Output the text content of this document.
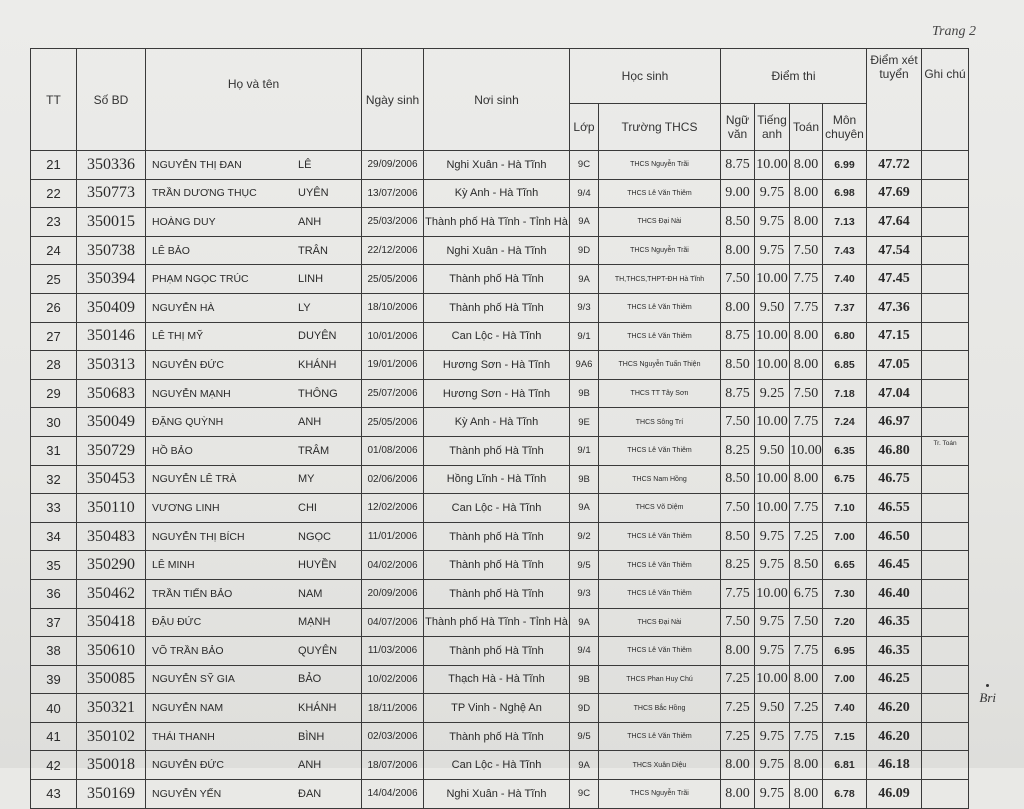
Trang 2
TT	Số BD	Họ và tên	Ngày sinh	Nơi sinh	Học sinh		Điểm thi				Điểm xét tuyển	Ghi chú
					Lớp	Trường THCS	Ngữ văn	Tiếng anh	Toán	Môn chuyên		
21	350336	NGUYỄN THỊ ĐAN LÊ	29/09/2006	Nghi Xuân - Hà Tĩnh	9C	THCS Nguyễn Trãi	8.75	10.00	8.00	6.99	47.72	
22	350773	TRẦN DƯƠNG THỤC UYÊN	13/07/2006	Kỳ Anh - Hà Tĩnh	9/4	THCS Lê Văn Thiêm	9.00	9.75	8.00	6.98	47.69	
23	350015	HOÀNG DUY ANH	25/03/2006	Thành phố Hà Tĩnh - Tỉnh Hà	9A	THCS Đại Nài	8.50	9.75	8.00	7.13	47.64	
24	350738	LÊ BẢO TRÂN	22/12/2006	Nghi Xuân - Hà Tĩnh	9D	THCS Nguyễn Trãi	8.00	9.75	7.50	7.43	47.54	
25	350394	PHẠM NGỌC TRÚC LINH	25/05/2006	Thành phố Hà Tĩnh	9A	TH,THCS,THPT-ĐH Hà Tĩnh	7.50	10.00	7.75	7.40	47.45	
26	350409	NGUYỄN HÀ LY	18/10/2006	Thành phố Hà Tĩnh	9/3	THCS Lê Văn Thiêm	8.00	9.50	7.75	7.37	47.36	
27	350146	LÊ THỊ MỸ DUYÊN	10/01/2006	Can Lộc - Hà Tĩnh	9/1	THCS Lê Văn Thiêm	8.75	10.00	8.00	6.80	47.15	
28	350313	NGUYỄN ĐỨC KHÁNH	19/01/2006	Hương Sơn - Hà Tĩnh	9A6	THCS Nguyễn Tuấn Thiện	8.50	10.00	8.00	6.85	47.05	
29	350683	NGUYỄN MẠNH THÔNG	25/07/2006	Hương Sơn - Hà Tĩnh	9B	THCS TT Tây Sơn	8.75	9.25	7.50	7.18	47.04	
30	350049	ĐẶNG QUỲNH ANH	25/05/2006	Kỳ Anh - Hà Tĩnh	9E	THCS Sông Trí	7.50	10.00	7.75	7.24	46.97	
31	350729	HỒ BẢO TRÂM	01/08/2006	Thành phố Hà Tĩnh	9/1	THCS Lê Văn Thiêm	8.25	9.50	10.00	6.35	46.80	Tr. Toán
32	350453	NGUYỄN LÊ TRÀ MY	02/06/2006	Hồng Lĩnh - Hà Tĩnh	9B	THCS Nam Hồng	8.50	10.00	8.00	6.75	46.75	
33	350110	VƯƠNG LINH CHI	12/02/2006	Can Lộc - Hà Tĩnh	9A	THCS Võ Diệm	7.50	10.00	7.75	7.10	46.55	
34	350483	NGUYỄN THỊ BÍCH NGỌC	11/01/2006	Thành phố Hà Tĩnh	9/2	THCS Lê Văn Thiêm	8.50	9.75	7.25	7.00	46.50	
35	350290	LÊ MINH HUYỀN	04/02/2006	Thành phố Hà Tĩnh	9/5	THCS Lê Văn Thiêm	8.25	9.75	8.50	6.65	46.45	
36	350462	TRẦN TIẾN BẢO NAM	20/09/2006	Thành phố Hà Tĩnh	9/3	THCS Lê Văn Thiêm	7.75	10.00	6.75	7.30	46.40	
37	350418	ĐẬU ĐỨC MẠNH	04/07/2006	Thành phố Hà Tĩnh - Tỉnh Hà	9A	THCS Đại Nài	7.50	9.75	7.50	7.20	46.35	
38	350610	VÕ TRẦN BẢO QUYÊN	11/03/2006	Thành phố Hà Tĩnh	9/4	THCS Lê Văn Thiêm	8.00	9.75	7.75	6.95	46.35	
39	350085	NGUYỄN SỸ GIA BẢO	10/02/2006	Thạch Hà - Hà Tĩnh	9B	THCS Phan Huy Chú	7.25	10.00	8.00	7.00	46.25	
40	350321	NGUYỄN NAM KHÁNH	18/11/2006	TP Vinh - Nghệ An	9D	THCS Bắc Hồng	7.25	9.50	7.25	7.40	46.20	
41	350102	THÁI THANH BÌNH	02/03/2006	Thành phố Hà Tĩnh	9/5	THCS Lê Văn Thiêm	7.25	9.75	7.75	7.15	46.20	
42	350018	NGUYỄN ĐỨC ANH	18/07/2006	Can Lộc - Hà Tĩnh	9A	THCS Xuân Diệu	8.00	9.75	8.00	6.81	46.18	
43	350169	NGUYỄN YẾN ĐAN	14/04/2006	Nghi Xuân - Hà Tĩnh	9C	THCS Nguyễn Trãi	8.00	9.75	8.00	6.78	46.09	
Bri
